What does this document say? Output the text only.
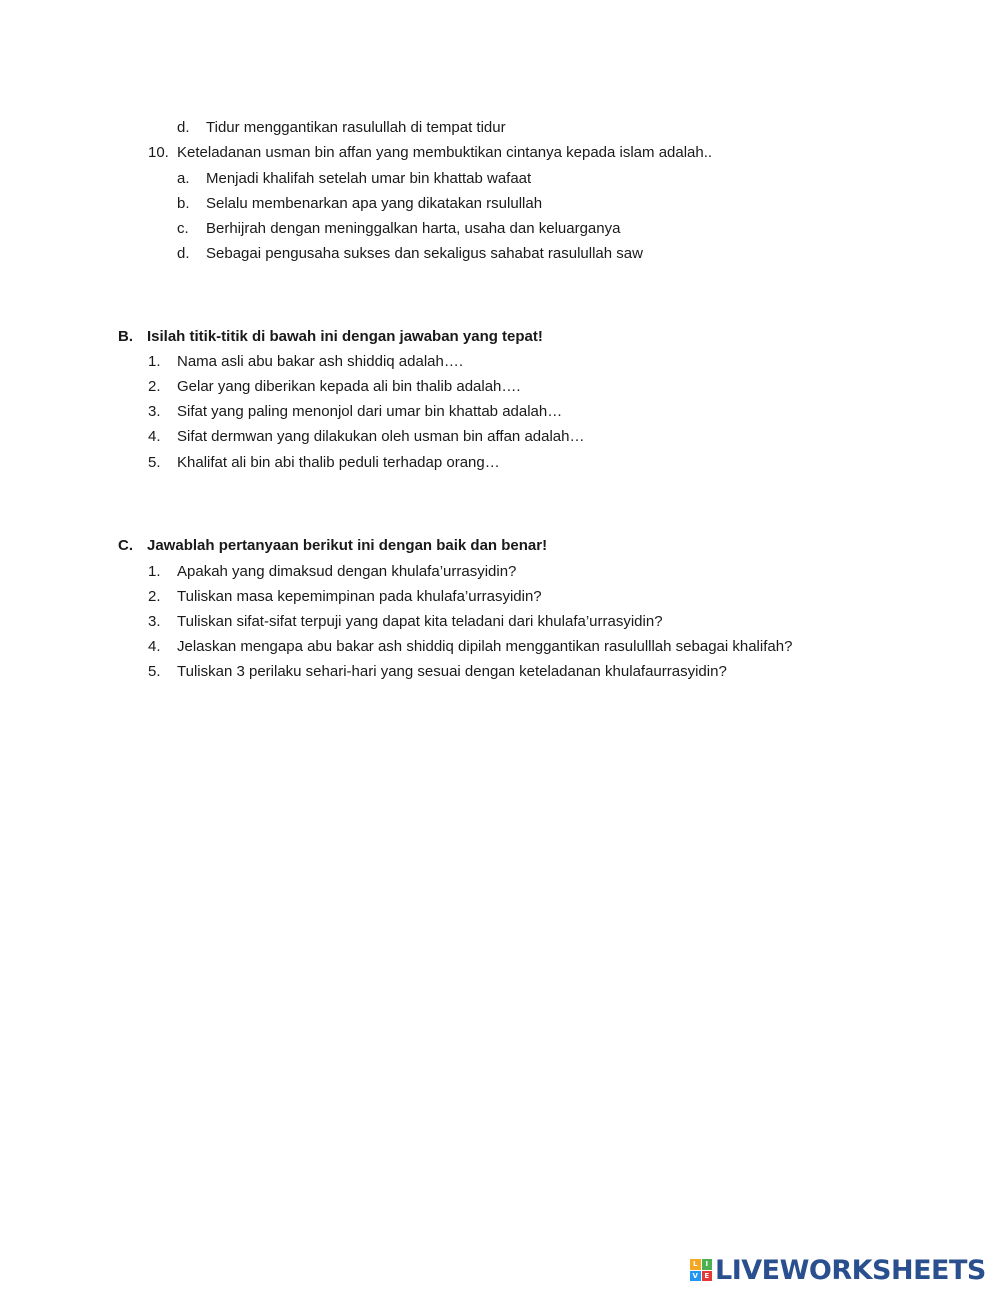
d. Tidur menggantikan rasulullah di tempat tidur
10. Keteladanan usman bin affan yang membuktikan cintanya kepada islam adalah..
a. Menjadi khalifah setelah umar bin khattab wafaat
b. Selalu membenarkan apa yang dikatakan rsulullah
c. Berhijrah dengan meninggalkan harta, usaha dan keluarganya
d. Sebagai pengusaha sukses dan sekaligus sahabat rasulullah saw
B. Isilah titik-titik di bawah ini dengan jawaban yang tepat!
1. Nama asli abu bakar ash shiddiq adalah….
2. Gelar yang diberikan kepada ali bin thalib adalah….
3. Sifat yang paling menonjol dari umar bin khattab adalah…
4. Sifat dermwan yang dilakukan oleh usman bin affan adalah…
5. Khalifat ali bin abi thalib peduli terhadap orang…
C. Jawablah pertanyaan berikut ini dengan baik dan benar!
1. Apakah yang dimaksud dengan khulafa’urrasyidin?
2. Tuliskan masa kepemimpinan pada khulafa’urrasyidin?
3. Tuliskan sifat-sifat terpuji yang dapat kita teladani dari khulafa’urrasyidin?
4. Jelaskan mengapa abu bakar ash shiddiq dipilah menggantikan rasululllah sebagai khalifah?
5. Tuliskan 3 perilaku sehari-hari yang sesuai dengan keteladanan khulafaurrasyidin?
L	I
V E LIVEWORKSHEETS
